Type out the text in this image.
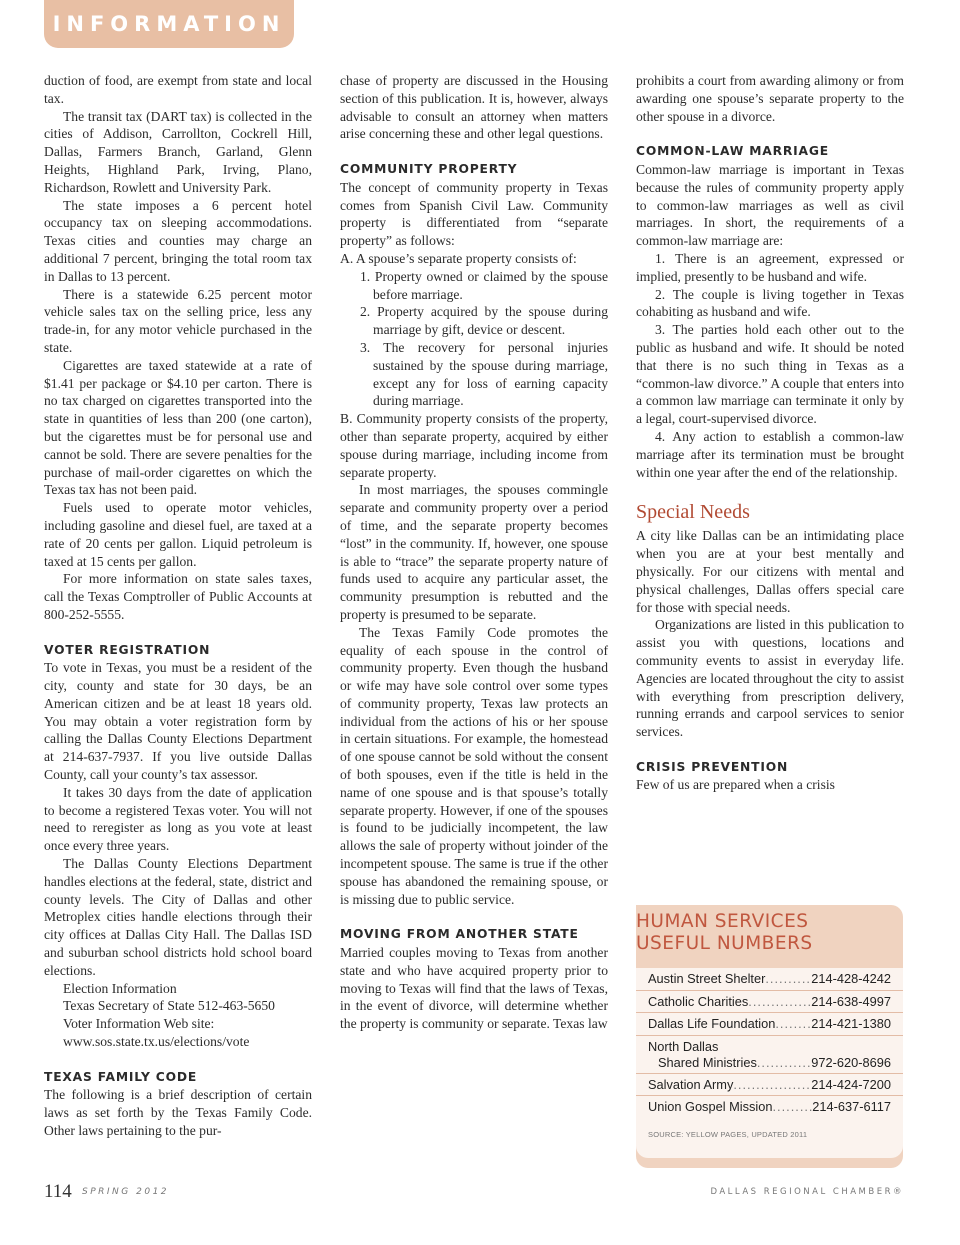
INFORMATION

duction of food, are exempt from state and local tax.

The transit tax (DART tax) is collected in the cities of Addison, Carrollton, Cockrell Hill, Dallas, Farmers Branch, Garland, Glenn Heights, Highland Park, Irving, Plano, Richardson, Rowlett and University Park.

The state imposes a 6 percent hotel occupancy tax on sleeping accommodations. Texas cities and counties may charge an additional 7 percent, bringing the total room tax in Dallas to 13 percent.

There is a statewide 6.25 percent motor vehicle sales tax on the selling price, less any trade-in, for any motor vehicle purchased in the state.

Cigarettes are taxed statewide at a rate of $1.41 per package or $4.10 per carton. There is no tax charged on cigarettes transported into the state in quantities of less than 200 (one carton), but the cigarettes must be for personal use and cannot be sold. There are severe penalties for the purchase of mail-order cigarettes on which the Texas tax has not been paid.

Fuels used to operate motor vehicles, including gasoline and diesel fuel, are taxed at a rate of 20 cents per gallon. Liquid petroleum is taxed at 15 cents per gallon.

For more information on state sales taxes, call the Texas Comptroller of Public Accounts at 800-252-5555.

VOTER REGISTRATION

To vote in Texas, you must be a resident of the city, county and state for 30 days, be an American citizen and be at least 18 years old. You may obtain a voter registration form by calling the Dallas County Elections Department at 214-637-7937. If you live outside Dallas County, call your county’s tax assessor.

It takes 30 days from the date of application to become a registered Texas voter. You will not need to reregister as long as you vote at least once every three years.

The Dallas County Elections Department handles elections at the federal, state, district and county levels. The City of Dallas and other Metroplex cities handle elections through their city offices at Dallas City Hall. The Dallas ISD and suburban school districts hold school board elections.

Election Information

Texas Secretary of State 512-463-5650

Voter Information Web site:

www.sos.state.tx.us/elections/vote

TEXAS FAMILY CODE

The following is a brief description of certain laws as set forth by the Texas Family Code. Other laws pertaining to the pur-

chase of property are discussed in the Housing section of this publication. It is, however, always advisable to consult an attorney when matters arise concerning these and other legal questions.

COMMUNITY PROPERTY

The concept of community property in Texas comes from Spanish Civil Law. Community property is differentiated from “separate property” as follows:

A. A spouse’s separate property consists of:

1. Property owned or claimed by the spouse before marriage.
2. Property acquired by the spouse during marriage by gift, device or descent.
3. The recovery for personal injuries sustained by the spouse during marriage, except any for loss of earning capacity during marriage.

B. Community property consists of the property, other than separate property, acquired by either spouse during marriage, including income from separate property.

In most marriages, the spouses commingle separate and community property over a period of time, and the separate property becomes “lost” in the community. If, however, one spouse is able to “trace” the separate property nature of funds used to acquire any particular asset, the community presumption is rebutted and the property is presumed to be separate.

The Texas Family Code promotes the equality of each spouse in the control of community property. Even though the husband or wife may have sole control over some types of community property, Texas law protects an individual from the actions of his or her spouse in certain situations. For example, the homestead of one spouse cannot be sold without the consent of both spouses, even if the title is held in the name of one spouse and is that spouse’s totally separate property. However, if one of the spouses is found to be judicially incompetent, the law allows the sale of property without joinder of the incompetent spouse. The same is true if the other spouse has abandoned the remaining spouse, or is missing due to public service.

MOVING FROM ANOTHER STATE

Married couples moving to Texas from another state and who have acquired property prior to moving to Texas will find that the laws of Texas, in the event of divorce, will determine whether the property is community or separate. Texas law

prohibits a court from awarding alimony or from awarding one spouse’s separate property to the other spouse in a divorce.

COMMON-LAW MARRIAGE

Common-law marriage is important in Texas because the rules of community property apply to common-law marriages as well as civil marriages. In short, the requirements of a common-law marriage are:

1. There is an agreement, expressed or implied, presently to be husband and wife.

2. The couple is living together in Texas cohabiting as husband and wife.

3. The parties hold each other out to the public as husband and wife. It should be noted that there is no such thing in Texas as a “common-law divorce.” A couple that enters into a common law marriage can terminate it only by a legal, court-supervised divorce.

4. Any action to establish a common-law marriage after its termination must be brought within one year after the end of the relationship.

Special Needs

A city like Dallas can be an intimidating place when you are at your best mentally and physically. For our citizens with mental and physical challenges, Dallas offers special care for those with special needs.

Organizations are listed in this publication to assist you with questions, locations and community events to assist in everyday life. Agencies are located throughout the city to assist with everything from prescription delivery, running errands and carpool services to senior services.

CRISIS PREVENTION

Few of us are prepared when a crisis

HUMAN SERVICES
USEFUL NUMBERS
Austin Street Shelter .....	214-428-4242
Catholic Charities .....	214-638-4997
Dallas Life Foundation .....	214-421-1380
North Dallas
Shared Ministries .....	972-620-8696
Salvation Army .....	214-424-7200
Union Gospel Mission .....	214-637-6117
SOURCE: YELLOW PAGES, UPDATED 2011
114 SPRING 2012	DALLAS REGIONAL CHAMBER®
